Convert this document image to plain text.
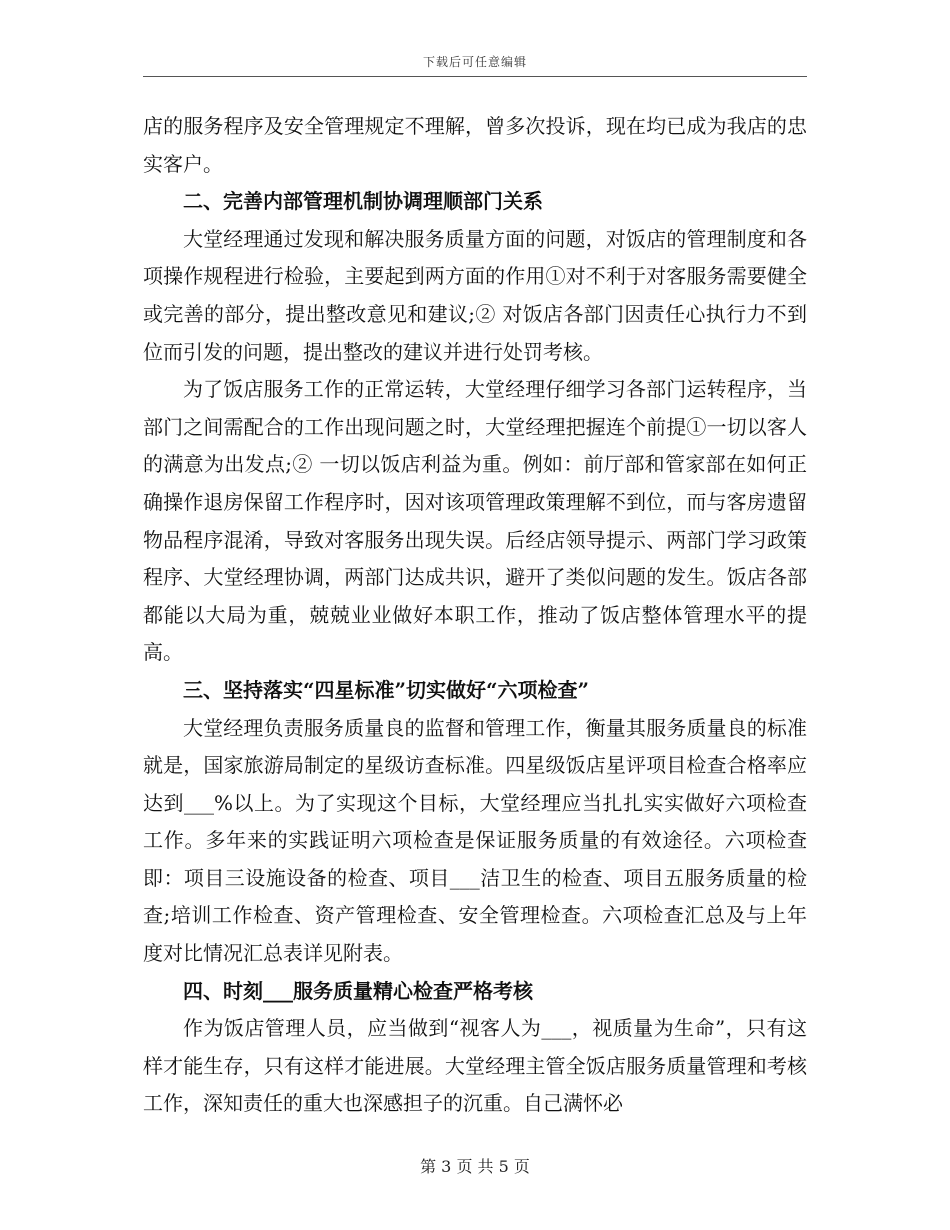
下载后可任意编辑

店的服务程序及安全管理规定不理解，曾多次投诉，现在均已成为我店的忠实客户。

二、完善内部管理机制协调理顺部门关系

大堂经理通过发现和解决服务质量方面的问题，对饭店的管理制度和各项操作规程进行检验，主要起到两方面的作用①对不利于对客服务需要健全或完善的部分，提出整改意见和建议;② 对饭店各部门因责任心执行力不到位而引发的问题，提出整改的建议并进行处罚考核。

为了饭店服务工作的正常运转，大堂经理仔细学习各部门运转程序，当部门之间需配合的工作出现问题之时，大堂经理把握连个前提①一切以客人的满意为出发点;② 一切以饭店利益为重。例如：前厅部和管家部在如何正确操作退房保留工作程序时，因对该项管理政策理解不到位，而与客房遗留物品程序混淆，导致对客服务出现失误。后经店领导提示、两部门学习政策程序、大堂经理协调，两部门达成共识，避开了类似问题的发生。饭店各部都能以大局为重，兢兢业业做好本职工作，推动了饭店整体管理水平的提高。

三、坚持落实“四星标准”切实做好“六项检查”

大堂经理负责服务质量良的监督和管理工作，衡量其服务质量良的标准就是，国家旅游局制定的星级访查标准。四星级饭店星评项目检查合格率应达到___%以上。为了实现这个目标，大堂经理应当扎扎实实做好六项检查工作。多年来的实践证明六项检查是保证服务质量的有效途径。六项检查即：项目三设施设备的检查、项目___洁卫生的检查、项目五服务质量的检查;培训工作检查、资产管理检查、安全管理检查。六项检查汇总及与上年度对比情况汇总表详见附表。

四、时刻___服务质量精心检查严格考核

作为饭店管理人员，应当做到“视客人为___，视质量为生命”，只有这样才能生存，只有这样才能进展。大堂经理主管全饭店服务质量管理和考核工作，深知责任的重大也深感担子的沉重。自己满怀必

第 3 页 共 5 页
